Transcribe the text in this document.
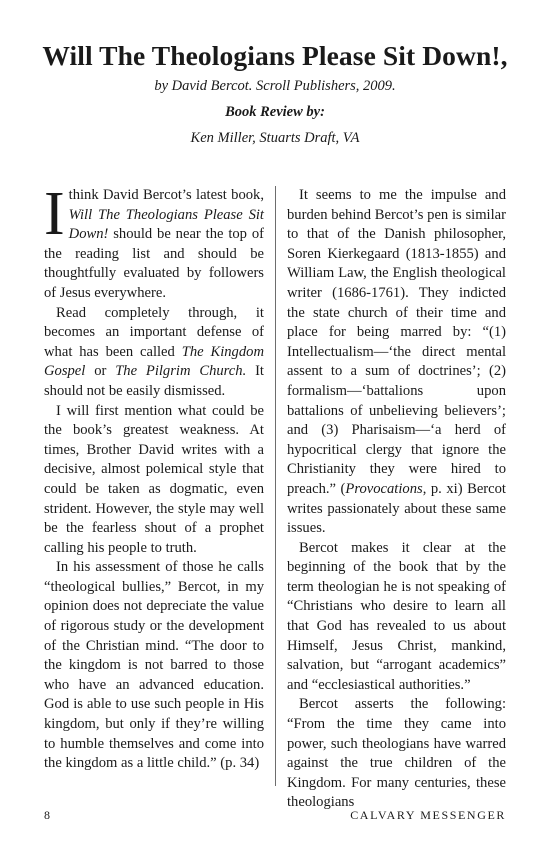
Will The Theologians Please Sit Down!,
by David Bercot. Scroll Publishers, 2009.
Book Review by:
Ken Miller, Stuarts Draft, VA

Ithink David Bercot’s latest book, Will The Theologians Please Sit Down! should be near the top of the reading list and should be thoughtfully evaluated by followers of Jesus everywhere.

Read completely through, it becomes an important defense of what has been called The Kingdom Gospel or The Pilgrim Church. It should not be easily dismissed.

I will first mention what could be the book’s greatest weakness. At times, Brother David writes with a decisive, almost polemical style that could be taken as dogmatic, even strident. However, the style may well be the fearless shout of a prophet calling his people to truth.

In his assessment of those he calls “theological bullies,” Bercot, in my opinion does not depreciate the value of rigorous study or the development of the Christian mind. “The door to the kingdom is not barred to those who have an advanced education. God is able to use such people in His kingdom, but only if they’re willing to humble themselves and come into the kingdom as a little child.” (p. 34)

It seems to me the impulse and burden behind Bercot’s pen is similar to that of the Danish philosopher, Soren Kierkegaard (1813-1855) and William Law, the English theological writer (1686-1761). They indicted the state church of their time and place for being marred by: “(1) Intellectualism—‘the direct mental assent to a sum of doctrines’; (2) formalism—‘battalions upon battalions of unbelieving believers’; and (3) Pharisaism—‘a herd of hypocritical clergy that ignore the Christianity they were hired to preach.” (Provocations, p. xi) Bercot writes passionately about these same issues.

Bercot makes it clear at the beginning of the book that by the term theologian he is not speaking of “Christians who desire to learn all that God has revealed to us about Himself, Jesus Christ, mankind, salvation, but “arrogant academics” and “ecclesiastical authorities.”

Bercot asserts the following: “From the time they came into power, such theologians have warred against the true children of the Kingdom. For many centuries, these theologians

8	CALVARY MESSENGER
